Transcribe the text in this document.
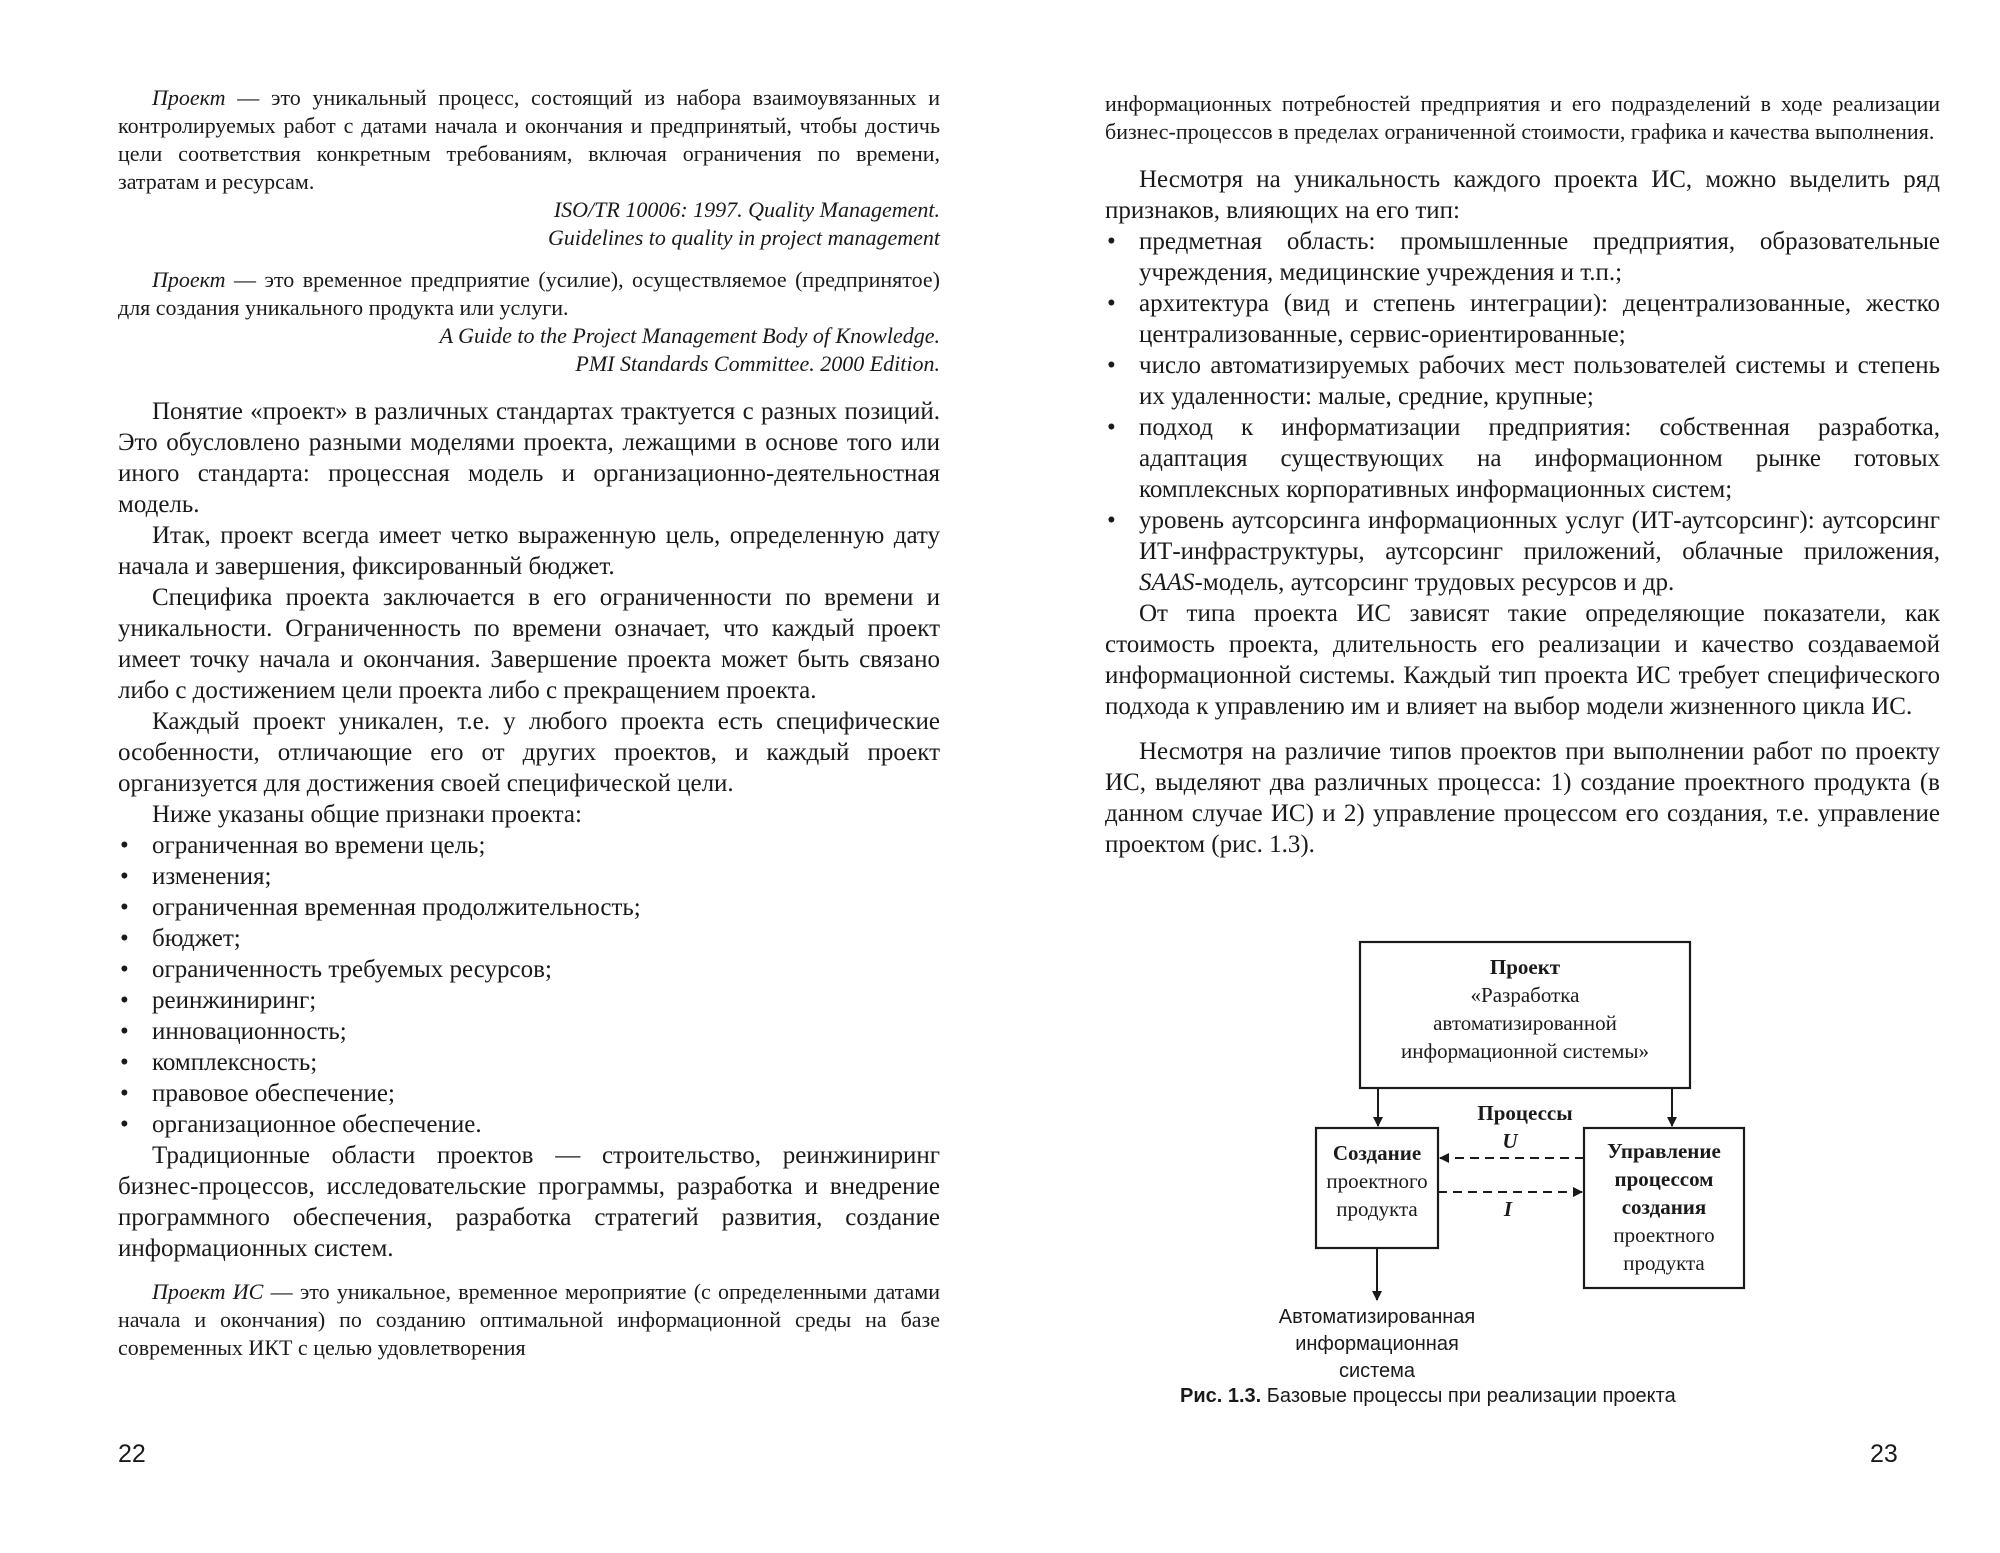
Проект — это уникальный процесс, состоящий из набора взаимоувязанных и контролируемых работ с датами начала и окончания и предпринятый, чтобы достичь цели соответствия конкретным требованиям, включая ограничения по времени, затратам и ресурсам.

ISO/TR 10006: 1997. Quality Management.
Guidelines to quality in project management

Проект — это временное предприятие (усилие), осуществляемое (предпринятое) для создания уникального продукта или услуги.

A Guide to the Project Management Body of Knowledge.
PMI Standards Committee. 2000 Edition.

Понятие «проект» в различных стандартах трактуется с разных позиций. Это обусловлено разными моделями проекта, лежащими в основе того или иного стандарта: процессная модель и организационно-деятельностная модель.

Итак, проект всегда имеет четко выраженную цель, определенную дату начала и завершения, фиксированный бюджет.

Специфика проекта заключается в его ограниченности по времени и уникальности. Ограниченность по времени означает, что каждый проект имеет точку начала и окончания. Завершение проекта может быть связано либо с достижением цели проекта либо с прекращением проекта.

Каждый проект уникален, т.е. у любого проекта есть специфические особенности, отличающие его от других проектов, и каждый проект организуется для достижения своей специфической цели.

Ниже указаны общие признаки проекта:

• ограниченная во времени цель;
• изменения;
• ограниченная временная продолжительность;
• бюджет;
• ограниченность требуемых ресурсов;
• реинжиниринг;
• инновационность;
• комплексность;
• правовое обеспечение;
• организационное обеспечение.

Традиционные области проектов — строительство, реинжиниринг бизнес-процессов, исследовательские программы, разработка и внедрение программного обеспечения, разработка стратегий развития, создание информационных систем.

Проект ИС — это уникальное, временное мероприятие (с определенными датами начала и окончания) по созданию оптимальной информационной среды на базе современных ИКТ с целью удовлетворения

22

информационных потребностей предприятия и его подразделений в ходе реализации бизнес-процессов в пределах ограниченной стоимости, графика и качества выполнения.

Несмотря на уникальность каждого проекта ИС, можно выделить ряд признаков, влияющих на его тип:

• предметная область: промышленные предприятия, образовательные учреждения, медицинские учреждения и т.п.;
• архитектура (вид и степень интеграции): децентрализованные, жестко централизованные, сервис-ориентированные;
• число автоматизируемых рабочих мест пользователей системы и степень их удаленности: малые, средние, крупные;
• подход к информатизации предприятия: собственная разработка, адаптация существующих на информационном рынке готовых комплексных корпоративных информационных систем;
• уровень аутсорсинга информационных услуг (ИТ-аутсорсинг): аутсорсинг ИТ-инфраструктуры, аутсорсинг приложений, облачные приложения, SAAS-модель, аутсорсинг трудовых ресурсов и др.

От типа проекта ИС зависят такие определяющие показатели, как стоимость проекта, длительность его реализации и качество создаваемой информационной системы. Каждый тип проекта ИС требует специфического подхода к управлению им и влияет на выбор модели жизненного цикла ИС.

Несмотря на различие типов проектов при выполнении работ по проекту ИС, выделяют два различных процесса: 1) создание проектного продукта (в данном случае ИС) и 2) управление процессом его создания, т.е. управление проектом (рис. 1.3).

Проект
«Разработка
автоматизированной
информационной системы»
Процессы
Создание
проектного
продукта
Управление
процессом
создания
проектного
продукта
U
I
Автоматизированная
информационная
система
Рис. 1.3. Базовые процессы при реализации проекта
23
